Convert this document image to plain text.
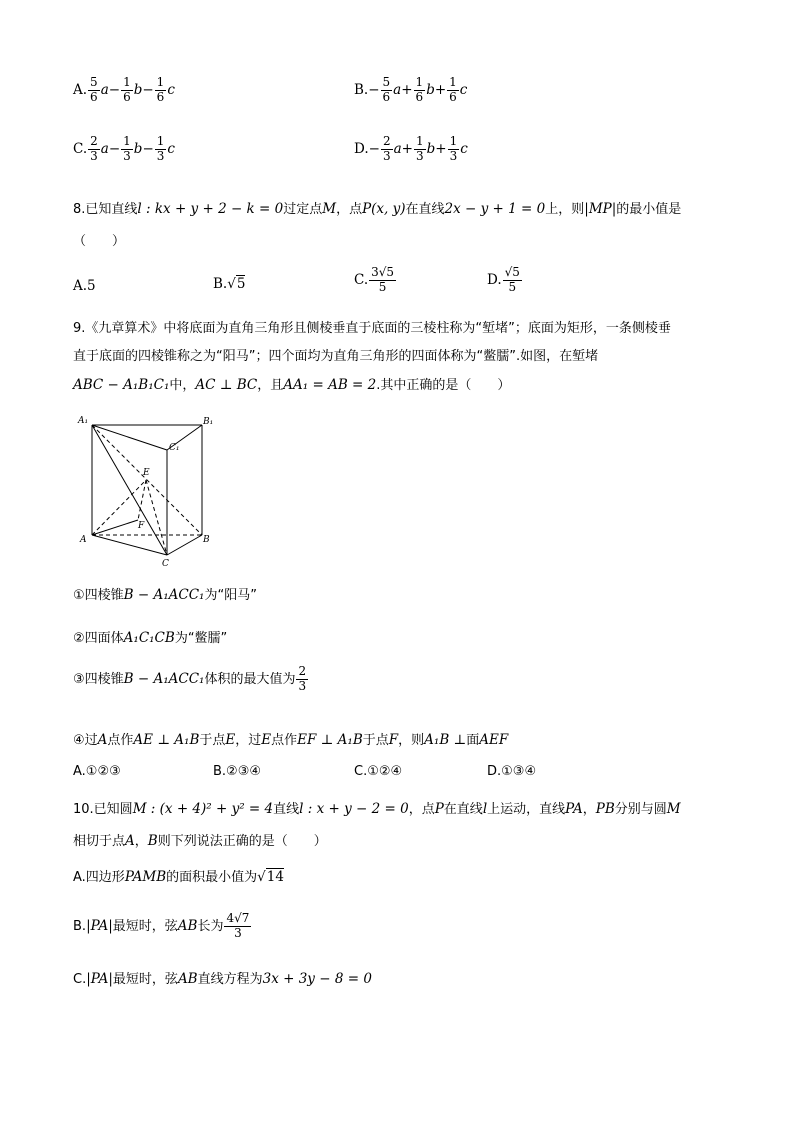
A. $\frac{5}{6} a- \frac{1}{6} b- \frac{1}{6}$ c	$B.- \frac{5}{6} a+ \frac{1}{6} b+ \frac{1}{6}$ c
C. $\frac{2}{3} a- \frac{1}{3} b- \frac{1}{3}$ c	$D.- \frac{2}{3} a+ \frac{1}{3} b+ \frac{1}{3}$ c
8.已知直线l : kx + y + 2 − k = 0过定点M，点P(x, y)在直线2x − y + 1 = 0上，则|MP|的最小值是
（　　）
A.5	B.√5	C. $\frac{3√5}{5}$	D. $\frac{√5}{5}$
9.《九章算术》中将底面为直角三角形且侧棱垂直于底面的三棱柱称为“堑堵”；底面为矩形，一条侧棱垂
直于底面的四棱锥称之为“阳马”；四个面均为直角三角形的四面体称为“鳖臑”.如图，在堑堵
ABC − A₁B₁C₁中，AC ⊥ BC，且AA₁ = AB = 2.其中正确的是（　　）
A₁	B₁
C₁
E
F
A	B
C
①四棱锥B − A₁ACC₁为“阳马”
②四面体A₁C₁CB为“鳖臑”
③四棱锥B − A₁ACC₁体积的最大值为 $\frac{2}{3}$
④过A点作AE ⊥ A₁B于点E，过E点作EF ⊥ A₁B于点F，则A₁B ⊥面AEF
A.①②③	B.②③④	C.①②④	D.①③④
10.已知圆M : (x + 4)² + y² = 4直线l : x + y − 2 = 0，点P在直线l上运动，直线PA，PB分别与圆M
相切于点A，B则下列说法正确的是（　　）
A.四边形PAMB的面积最小值为√14
B.|PA|最短时，弦AB长为 $\frac{4√7}{3}$
C.|PA|最短时，弦AB直线方程为3x + 3y − 8 = 0
